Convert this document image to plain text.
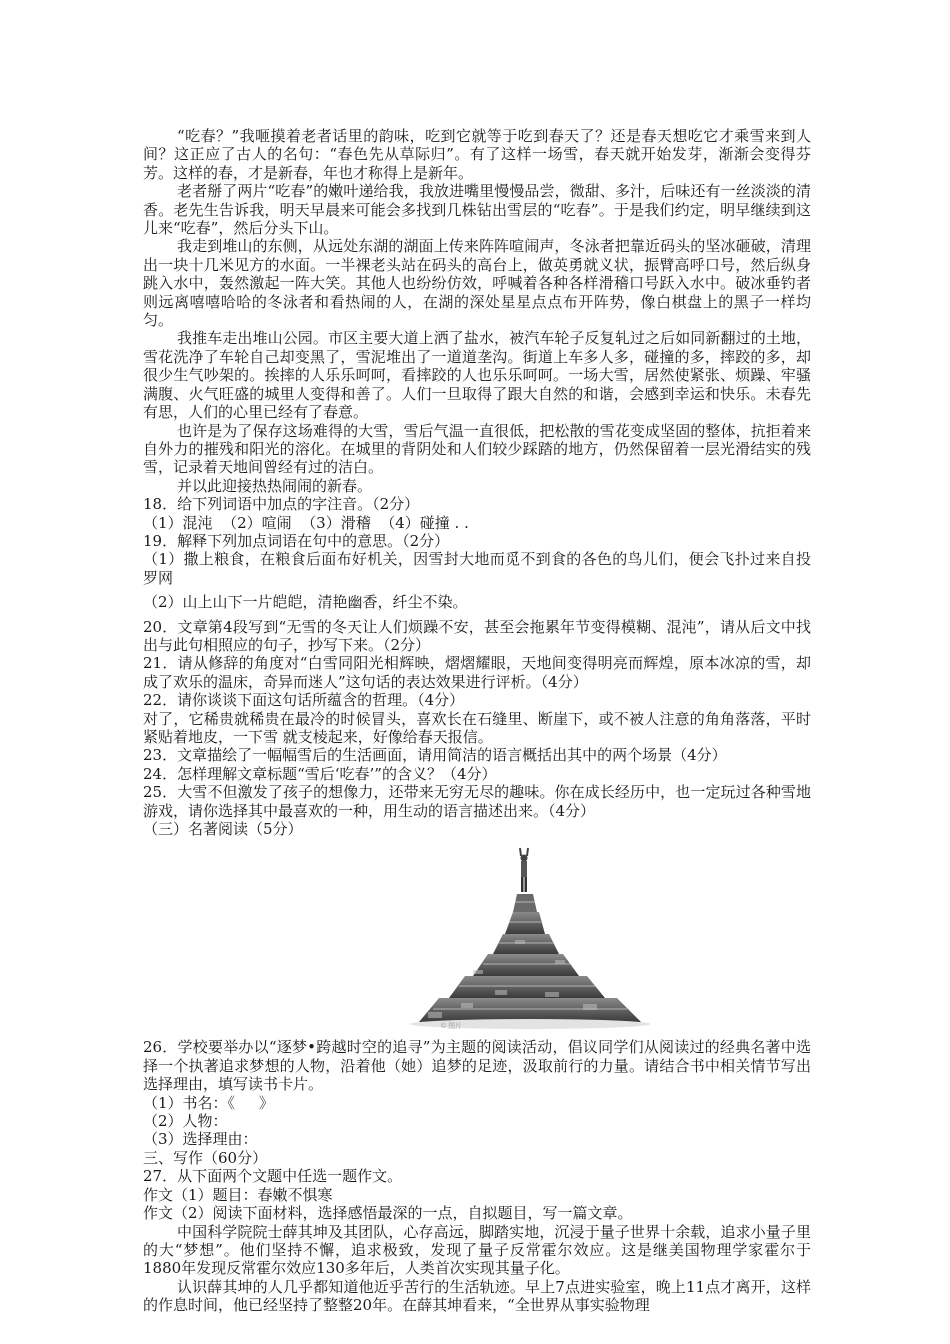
“吃春？”我咂摸着老者话里的韵味，吃到它就等于吃到春天了？还是春天想吃它才乘雪来到人间？这正应了古人的名句：“春色先从草际归”。有了这样一场雪，春天就开始发芽，渐渐会变得芬芳。这样的春，才是新春，年也才称得上是新年。

老者掰了两片“吃春”的嫩叶递给我，我放进嘴里慢慢品尝，微甜、多汁，后味还有一丝淡淡的清香。老先生告诉我，明天早晨来可能会多找到几株钻出雪层的“吃春”。于是我们约定，明早继续到这儿来“吃春”，然后分头下山。

我走到堆山的东侧，从远处东湖的湖面上传来阵阵喧闹声，冬泳者把靠近码头的坚冰砸破，清理出一块十几米见方的水面。一半裸老头站在码头的高台上，做英勇就义状，振臂高呼口号，然后纵身跳入水中，轰然激起一阵大笑。其他人也纷纷仿效，呼喊着各种各样滑稽口号跃入水中。破冰垂钓者则远离嘻嘻哈哈的冬泳者和看热闹的人，在湖的深处星星点点布开阵势，像白棋盘上的黑子一样均匀。

我推车走出堆山公园。市区主要大道上洒了盐水，被汽车轮子反复轧过之后如同新翻过的土地，雪花洗净了车轮自己却变黑了，雪泥堆出了一道道垄沟。街道上车多人多，碰撞的多，摔跤的多，却很少生气吵架的。挨摔的人乐乐呵呵，看摔跤的人也乐乐呵呵。一场大雪，居然使紧张、烦躁、牢骚满腹、火气旺盛的城里人变得和善了。人们一旦取得了跟大自然的和谐，会感到幸运和快乐。未春先有思，人们的心里已经有了春意。

也许是为了保存这场难得的大雪，雪后气温一直很低，把松散的雪花变成坚固的整体，抗拒着来自外力的摧残和阳光的溶化。在城里的背阴处和人们较少踩踏的地方，仍然保留着一层光滑结实的残雪，记录着天地间曾经有过的洁白。

并以此迎接热热闹闹的新春。

18．给下列词语中加点的字注音。（2分）

（1）混沌  （2）喧闹  （3）滑稽  （4）碰撞 . .

19．解释下列加点词语在句中的意思。（2分）

（1）撒上粮食，在粮食后面布好机关，因雪封大地而觅不到食的各色的鸟儿们，便会飞扑过来自投罗网

（2）山上山下一片皑皑，清艳幽香，纤尘不染。

20．文章第4段写到“无雪的冬天让人们烦躁不安，甚至会拖累年节变得模糊、混沌”，请从后文中找出与此句相照应的句子，抄写下来。（2分）

21．请从修辞的角度对“白雪同阳光相辉映，熠熠耀眼，天地间变得明亮而辉煌，原本冰凉的雪，却成了欢乐的温床，奇异而迷人”这句话的表达效果进行评析。（4分）

22．请你谈谈下面这句话所蕴含的哲理。（4分）

对了，它稀贵就稀贵在最冷的时候冒头，喜欢长在石缝里、断崖下，或不被人注意的角角落落，平时紧贴着地皮，一下雪 就支棱起来，好像给春天报信。

23．文章描绘了一幅幅雪后的生活画面，请用简洁的语言概括出其中的两个场景（4分）

24．怎样理解文章标题“雪后‘吃春’”的含义？（4分）

25．大雪不但激发了孩子的想像力，还带来无穷无尽的趣味。你在成长经历中，也一定玩过各种雪地游戏，请你选择其中最喜欢的一种，用生动的语言描述出来。（4分）

（三）名著阅读（5分）

© 图片

26．学校要举办以“逐梦•跨越时空的追寻”为主题的阅读活动，倡议同学们从阅读过的经典名著中选择一个执著追求梦想的人物，沿着他（她）追梦的足迹，汲取前行的力量。请结合书中相关情节写出选择理由，填写读书卡片。

（1）书名：《     》

（2）人物：

（3）选择理由：

三、写作（60分）

27．从下面两个文题中任选一题作文。

作文（1）题目：春嫩不惧寒

作文（2）阅读下面材料，选择感悟最深的一点，自拟题目，写一篇文章。

中国科学院院士薛其坤及其团队，心存高远，脚踏实地，沉浸于量子世界十余载，追求小量子里的大“梦想”。他们坚持不懈，追求极致，发现了量子反常霍尔效应。这是继美国物理学家霍尔于1880年发现反常霍尔效应130多年后，人类首次实现其量子化。

认识薛其坤的人几乎都知道他近乎苦行的生活轨迹。早上7点进实验室，晚上11点才离开，这样的作息时间，他已经坚持了整整20年。在薛其坤看来，“全世界从事实验物理
